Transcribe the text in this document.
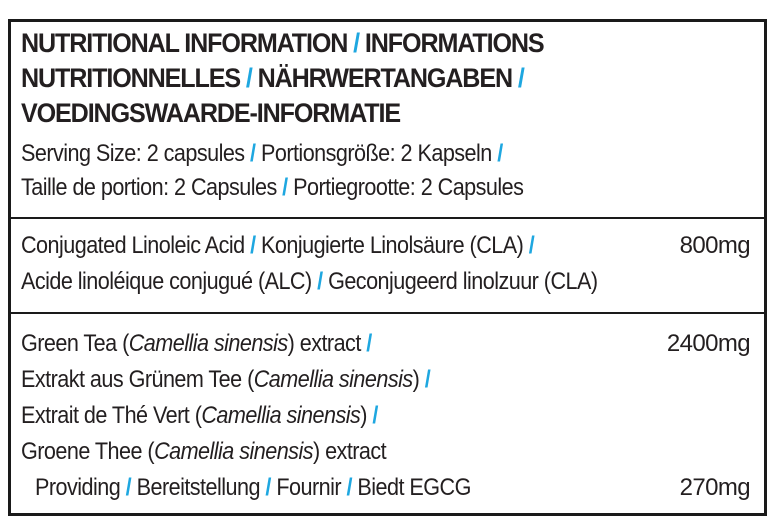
NUTRITIONAL INFORMATION / INFORMATIONS
NUTRITIONNELLES / NÄHRWERTANGABEN /
VOEDINGSWAARDE-INFORMATIE
Serving Size: 2 capsules / Portionsgröße: 2 Kapseln /
Taille de portion: 2 Capsules / Portiegrootte: 2 Capsules
Conjugated Linoleic Acid / Konjugierte Linolsäure (CLA) /	800mg
Acide linoléique conjugué (ALC) / Geconjugeerd linolzuur (CLA)
Green Tea (Camellia sinensis) extract /	2400mg
Extrakt aus Grünem Tee (Camellia sinensis) /
Extrait de Thé Vert (Camellia sinensis) /
Groene Thee (Camellia sinensis) extract
Providing / Bereitstellung / Fournir / Biedt EGCG	270mg
